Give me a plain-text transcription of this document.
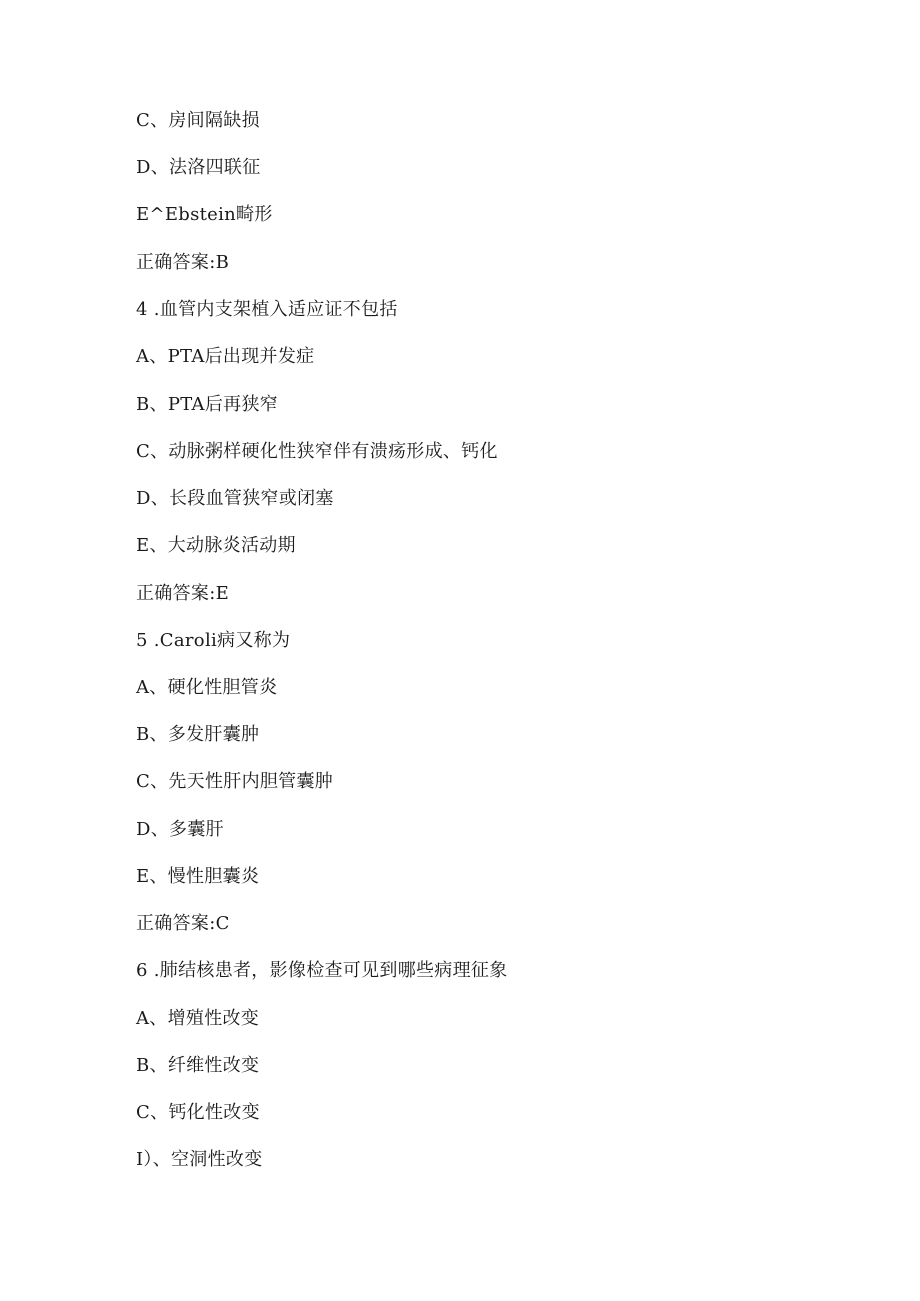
C、房间隔缺损
D、法洛四联征
E^Ebstein畸形
正确答案:B
4 .血管内支架植入适应证不包括
A、PTA后出现并发症
B、PTA后再狭窄
C、动脉粥样硬化性狭窄伴有溃疡形成、钙化
D、长段血管狭窄或闭塞
E、大动脉炎活动期
正确答案:E
5 .Caroli病又称为
A、硬化性胆管炎
B、多发肝囊肿
C、先天性肝内胆管囊肿
D、多囊肝
E、慢性胆囊炎
正确答案:C
6 .肺结核患者，影像检查可见到哪些病理征象
A、增殖性改变
B、纤维性改变
C、钙化性改变
I）、空洞性改变
